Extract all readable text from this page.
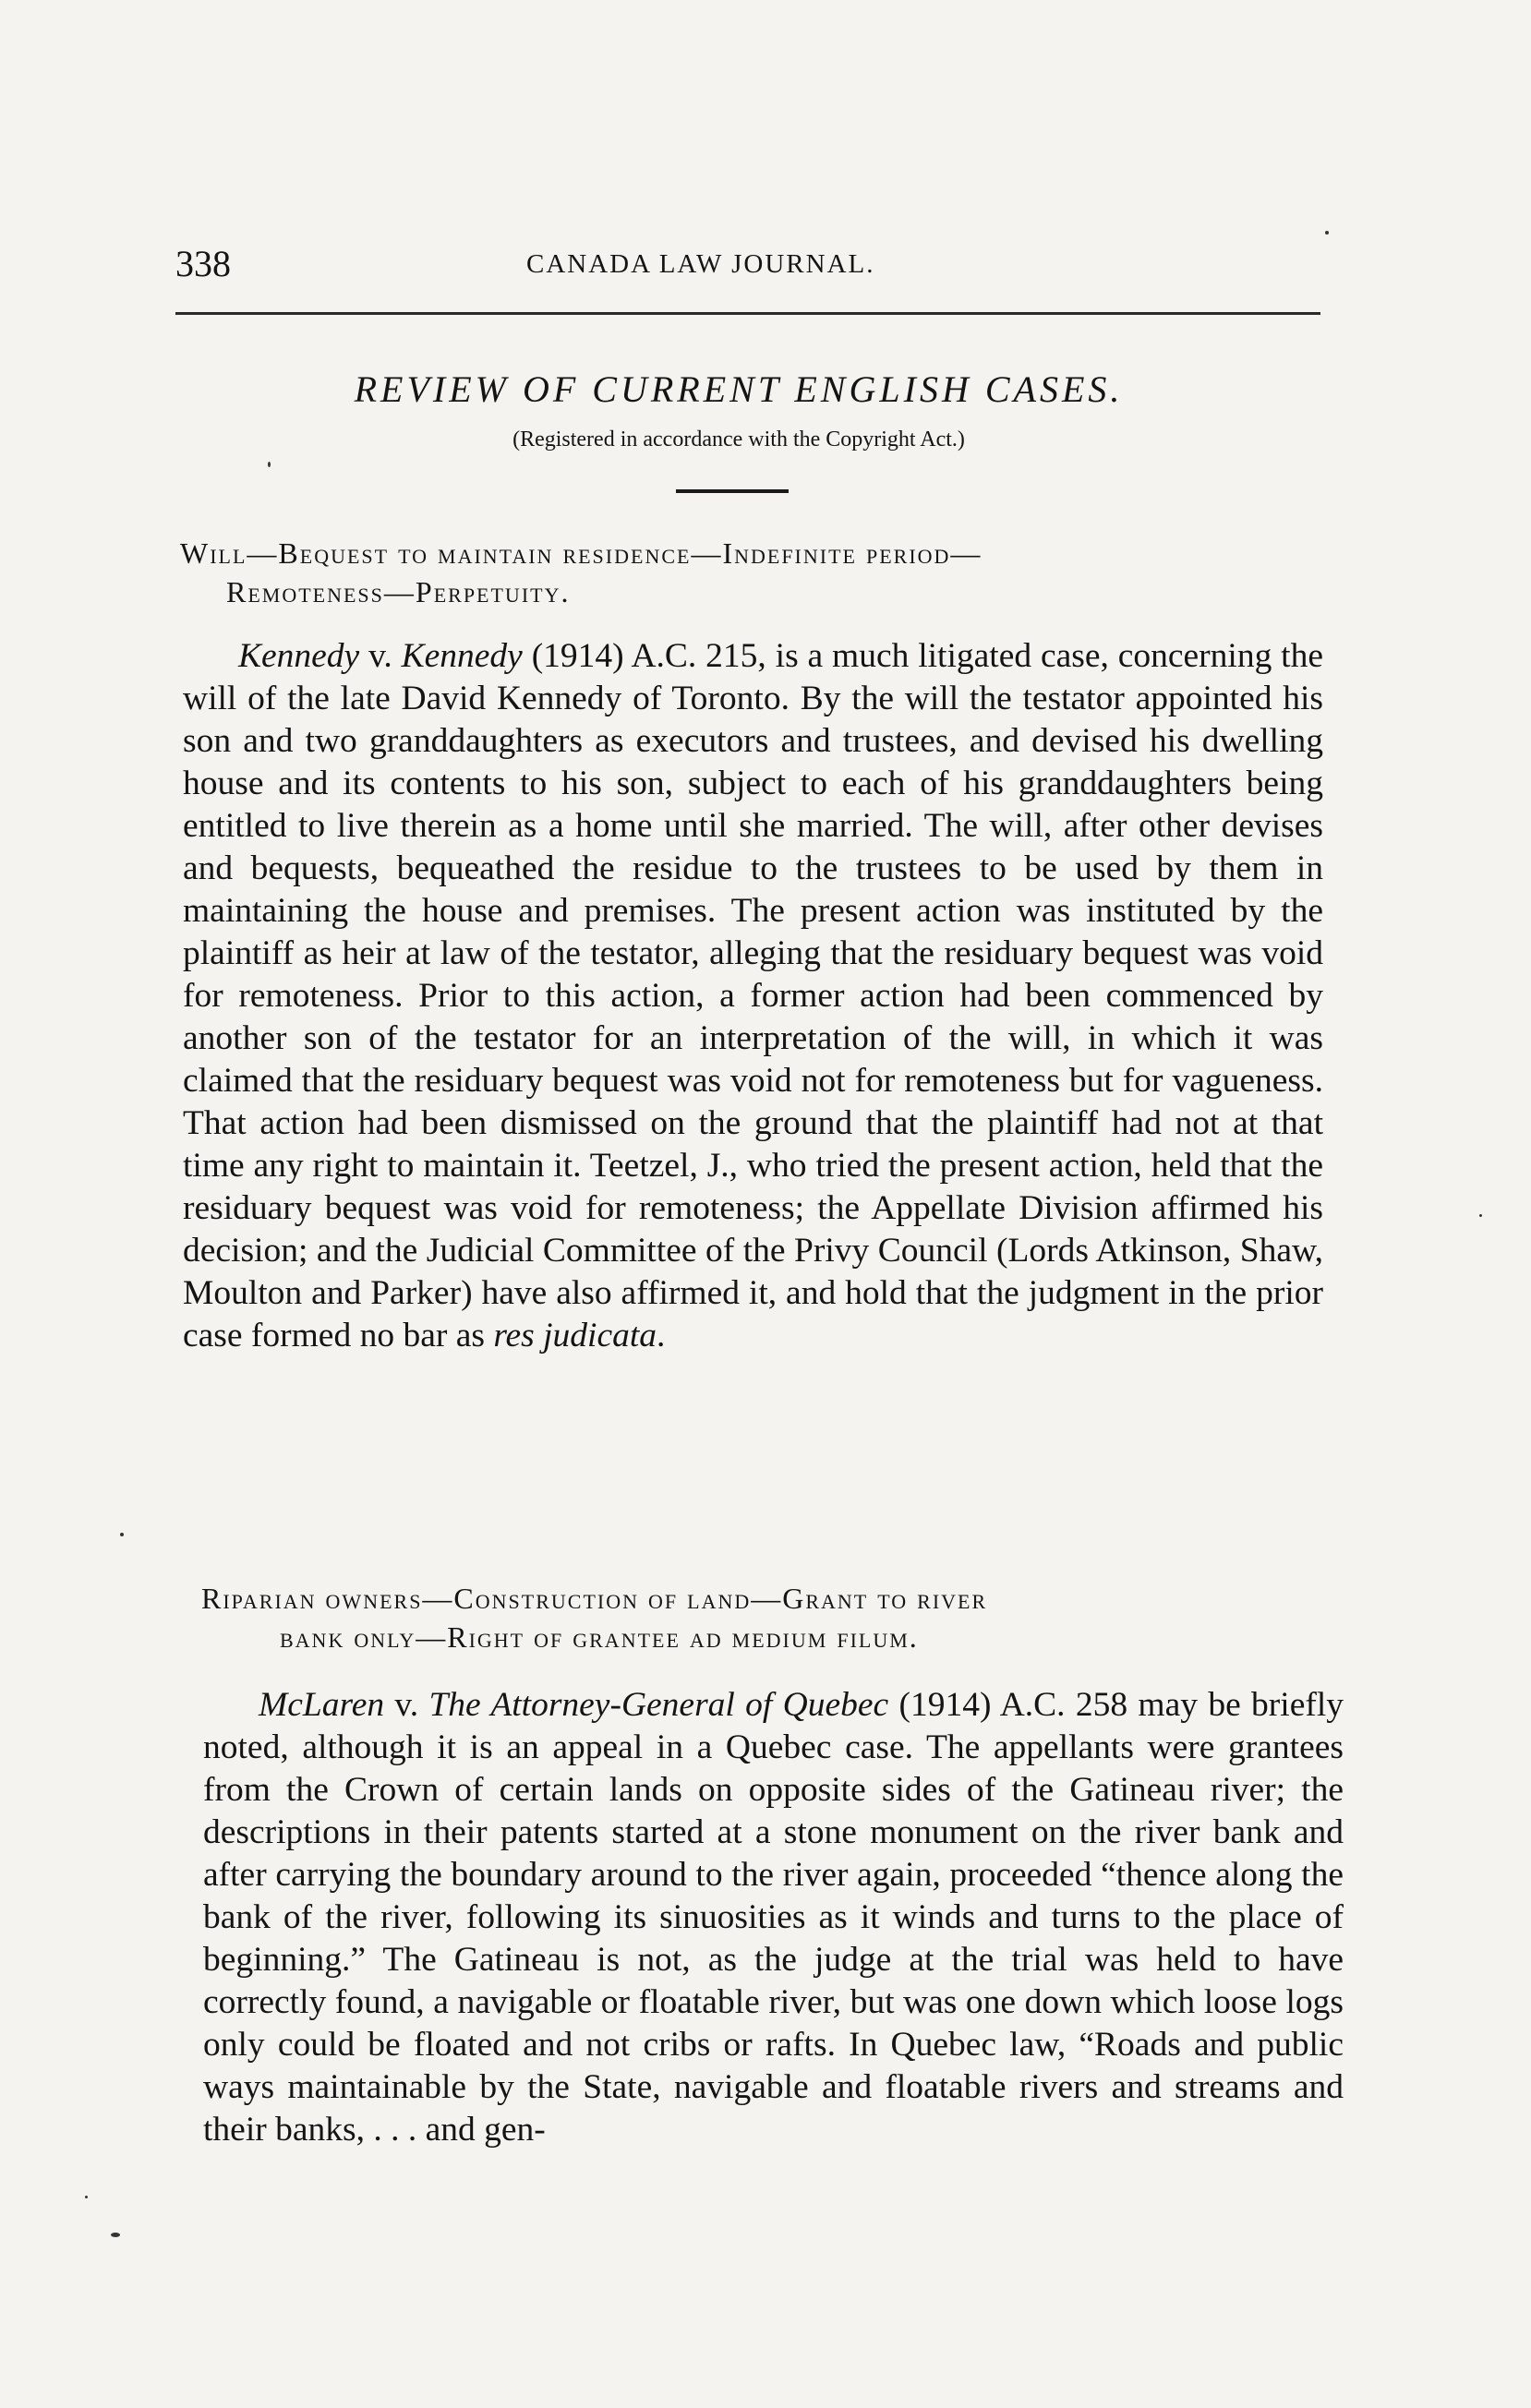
338	CANADA LAW JOURNAL.
REVIEW OF CURRENT ENGLISH CASES.
(Registered in accordance with the Copyright Act.)
Will—Bequest to maintain residence—Indefinite period—
Remoteness—Perpetuity.
Kennedy v. Kennedy (1914) A.C. 215, is a much litigated case, concerning the will of the late David Kennedy of Toronto. By the will the testator appointed his son and two granddaughters as executors and trustees, and devised his dwelling house and its contents to his son, subject to each of his granddaughters being entitled to live therein as a home until she married. The will, after other devises and bequests, bequeathed the residue to the trustees to be used by them in maintaining the house and premises. The present action was instituted by the plaintiff as heir at law of the testator, alleging that the residuary bequest was void for remoteness. Prior to this action, a former action had been commenced by another son of the testator for an interpretation of the will, in which it was claimed that the residuary bequest was void not for remoteness but for vagueness. That action had been dismissed on the ground that the plaintiff had not at that time any right to maintain it. Teetzel, J., who tried the present action, held that the residuary bequest was void for remoteness; the Appellate Division affirmed his decision; and the Judicial Committee of the Privy Council (Lords Atkinson, Shaw, Moulton and Parker) have also affirmed it, and hold that the judgment in the prior case formed no bar as res judicata.
Riparian owners—Construction of land—Grant to river
bank only—Right of grantee ad medium filum.
McLaren v. The Attorney-General of Quebec (1914) A.C. 258 may be briefly noted, although it is an appeal in a Quebec case. The appellants were grantees from the Crown of certain lands on opposite sides of the Gatineau river; the descriptions in their patents started at a stone monument on the river bank and after carrying the boundary around to the river again, proceeded “thence along the bank of the river, following its sinuosities as it winds and turns to the place of beginning.” The Gatineau is not, as the judge at the trial was held to have correctly found, a navigable or floatable river, but was one down which loose logs only could be floated and not cribs or rafts. In Quebec law, “Roads and public ways maintainable by the State, navigable and floatable rivers and streams and their banks, . . . and gen-
